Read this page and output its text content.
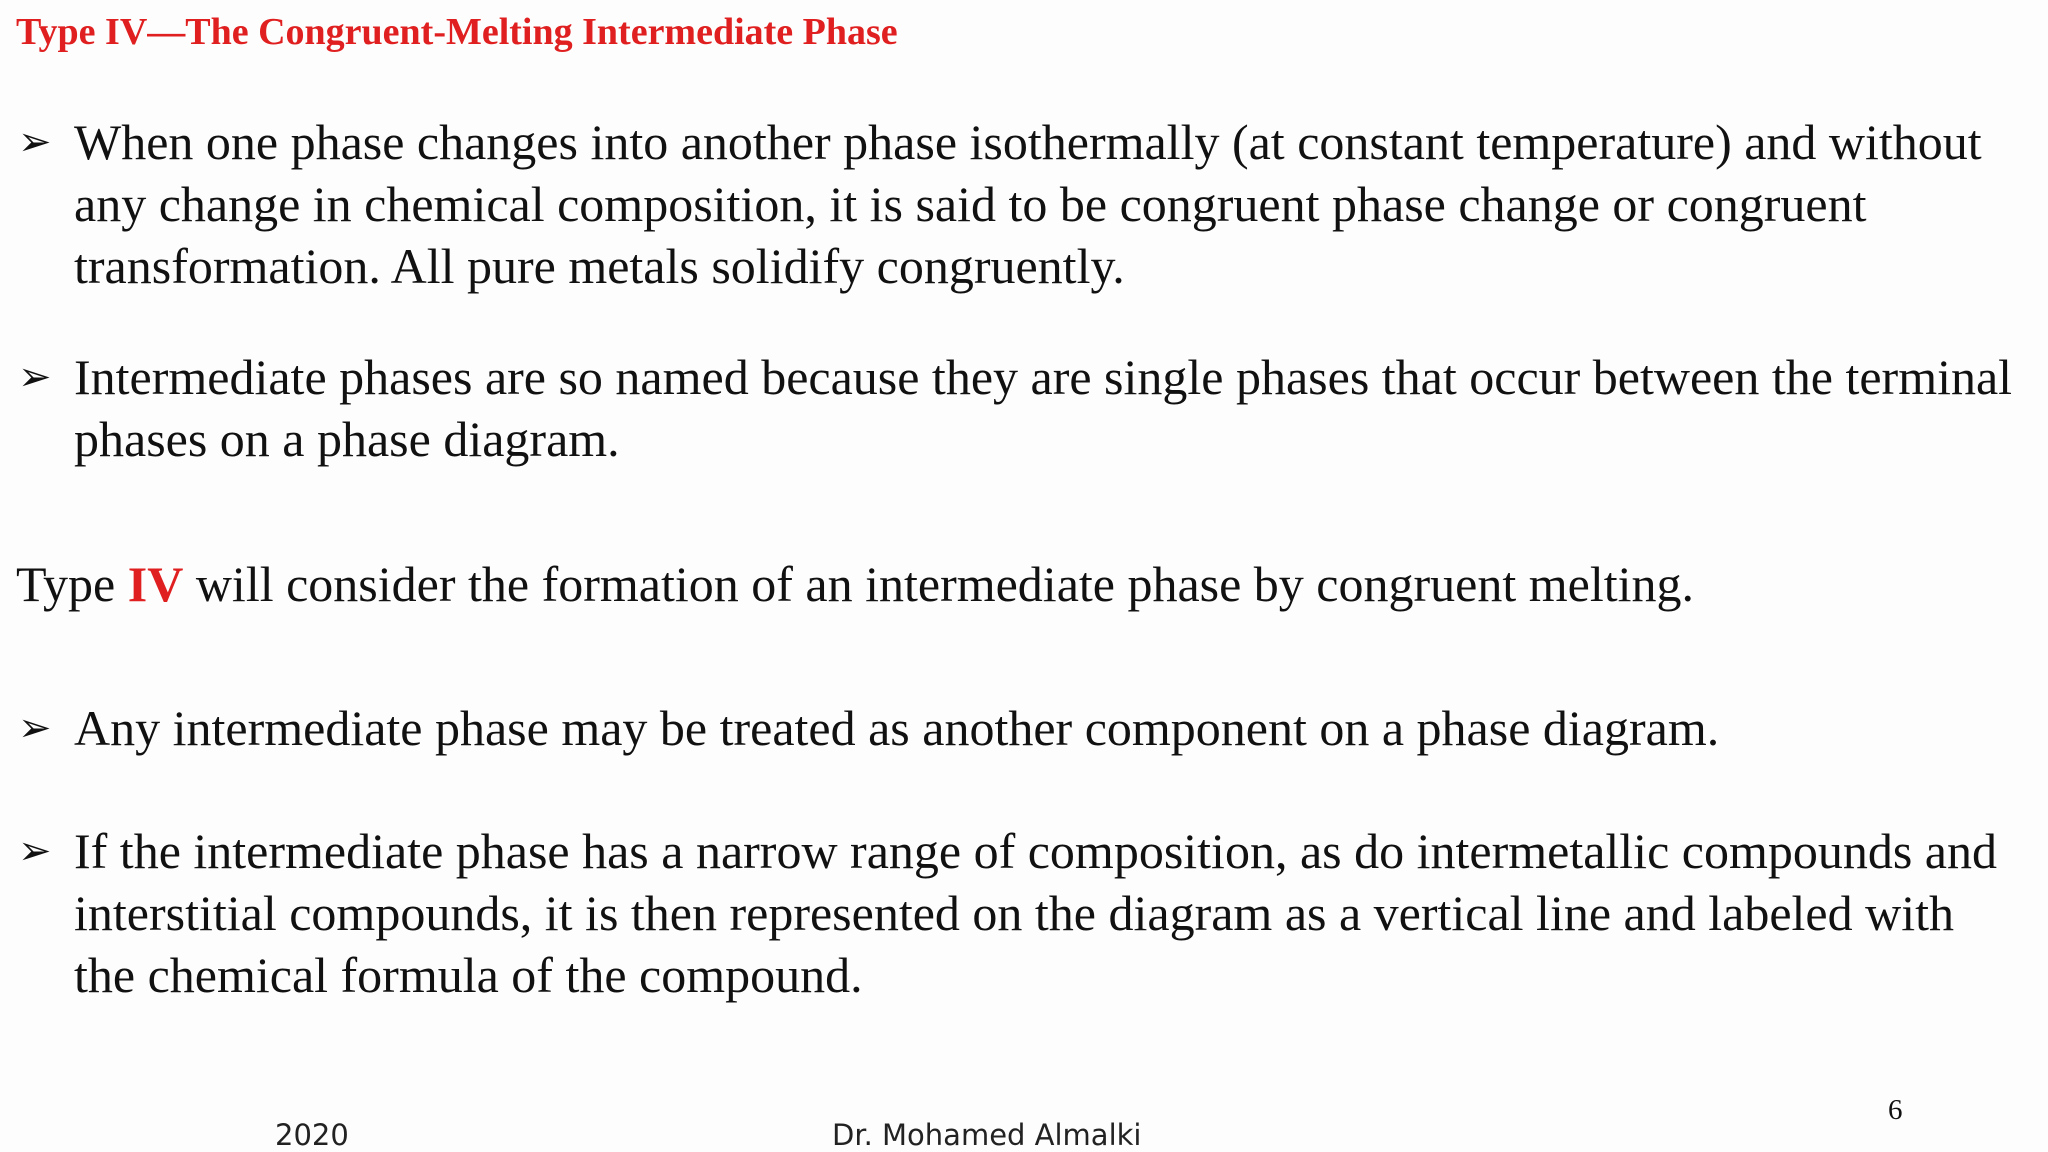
Type IV—The Congruent-Melting Intermediate Phase
➢ When one phase changes into another phase isothermally (at constant temperature) and without any change in chemical composition, it is said to be congruent phase change or congruent transformation. All pure metals solidify congruently.
➢ Intermediate phases are so named because they are single phases that occur between the terminal phases on a phase diagram.
Type IV will consider the formation of an intermediate phase by congruent melting.
➢ Any intermediate phase may be treated as another component on a phase diagram.
➢ If the intermediate phase has a narrow range of composition, as do intermetallic compounds and interstitial compounds, it is then represented on the diagram as a vertical line and labeled with the chemical formula of the compound.
2020	Dr. Mohamed Almalki
6
